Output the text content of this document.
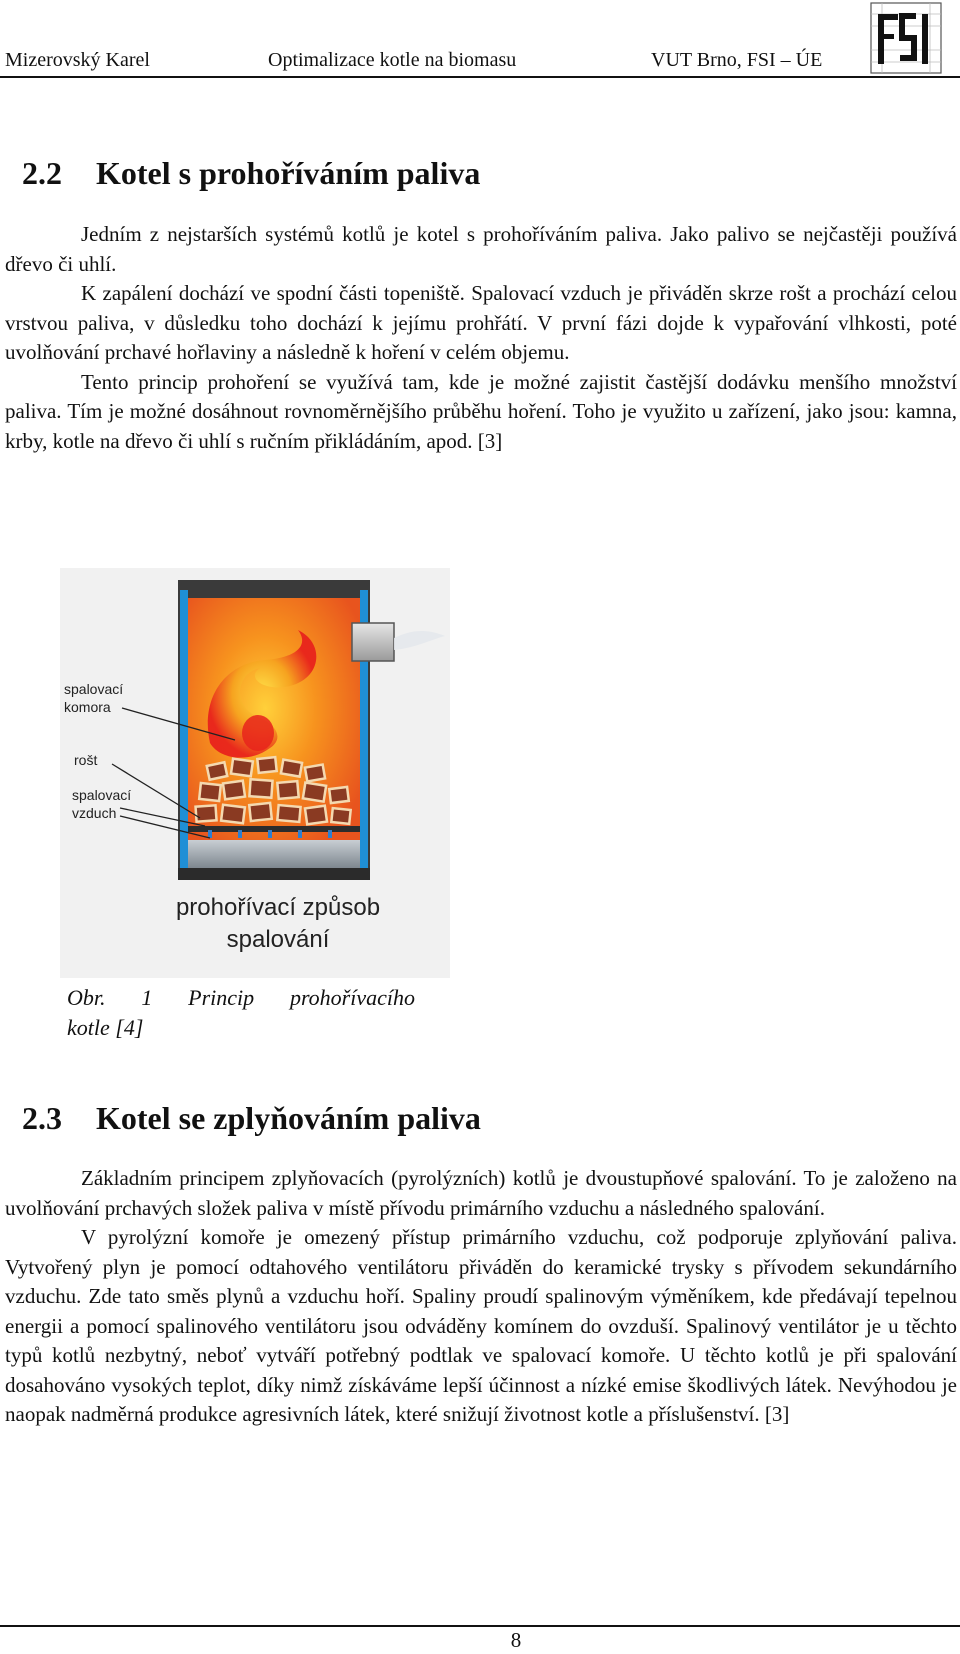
Mizerovský Karel	Optimalizace kotle na biomasu	VUT Brno, FSI – ÚE
2.2 Kotel s prohoříváním paliva

Jedním z nejstarších systémů kotlů je kotel s prohoříváním paliva. Jako palivo se nejčastěji používá dřevo či uhlí.

K zapálení dochází ve spodní části topeniště. Spalovací vzduch je přiváděn skrze rošt a prochází celou vrstvou paliva, v důsledku toho dochází k jejímu prohřátí. V první fázi dojde k vypařování vlhkosti, poté uvolňování prchavé hořlaviny a následně k hoření v celém objemu.

Tento princip prohoření se využívá tam, kde je možné zajistit častější dodávku menšího množství paliva. Tím je možné dosáhnout rovnoměrnějšího průběhu hoření. Toho je využito u zařízení, jako jsou: kamna, krby, kotle na dřevo či uhlí s ručním přikládáním, apod. [3]

spalovací
komora
rošt
spalovací
vzduch
prohořívací způsob
spalování
Obr. 1 Princip prohořívacího
kotle [4]
2.3 Kotel se zplyňováním paliva

Základním principem zplyňovacích (pyrolýzních) kotlů je dvoustupňové spalování. To je založeno na uvolňování prchavých složek paliva v místě přívodu primárního vzduchu a následného spalování.

V pyrolýzní komoře je omezený přístup primárního vzduchu, což podporuje zplyňování paliva. Vytvořený plyn je pomocí odtahového ventilátoru přiváděn do keramické trysky s přívodem sekundárního vzduchu. Zde tato směs plynů a vzduchu hoří. Spaliny proudí spalinovým výměníkem, kde předávají tepelnou energii a pomocí spalinového ventilátoru jsou odváděny komínem do ovzduší. Spalinový ventilátor je u těchto typů kotlů nezbytný, neboť vytváří potřebný podtlak ve spalovací komoře. U těchto kotlů je při spalování dosahováno vysokých teplot, díky nimž získáváme lepší účinnost a nízké emise škodlivých látek. Nevýhodou je naopak nadměrná produkce agresivních látek, které snižují životnost kotle a příslušenství. [3]

8
